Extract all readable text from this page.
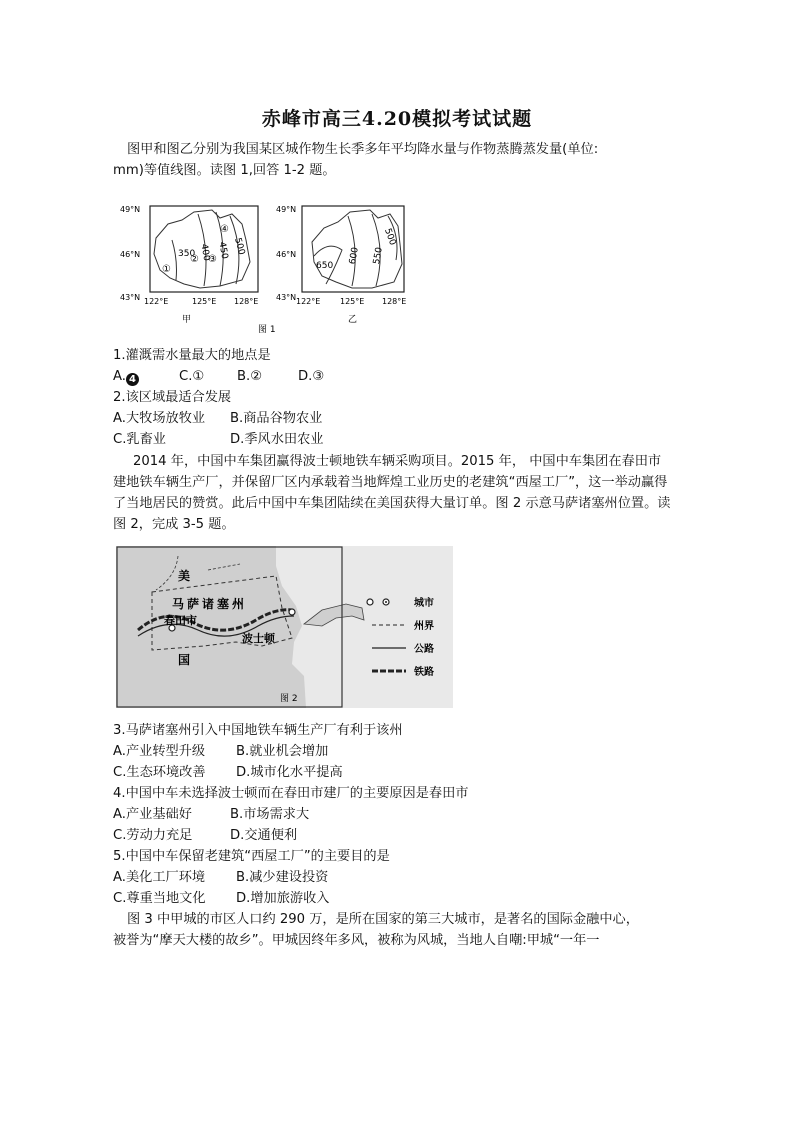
赤峰市高三4.20模拟考试试题
图甲和图乙分别为我国某区城作物生长季多年平均降水量与作物蒸腾蒸发量(单位:
mm)等值线图。读图 1,回答 1-2 题。
350 400 450 500
①
② ③
④
49°N
46°N
43°N 122°E	125°E 128°E
甲
650
600 550
500
49°N
46°N
43°N 122°E 125°E 128°E
乙
图 1
1.灌溉需水量最大的地点是
A. 4	C.① B.②	D.③
2.该区域最适合发展
A.大牧场放牧业 B.商品谷物农业
C.乳畜业	D.季风水田农业
2014 年，中国中车集团赢得波士顿地铁车辆采购项目。2015 年， 中国中车集团在春田市建地铁车辆生产厂，并保留厂区内承载着当地辉煌工业历史的老建筑“西屋工厂”，这一举动赢得了当地居民的赞赏。此后中国中车集团陆续在美国获得大量订单。图 2 示意马萨诸塞州位置。读图 2，完成 3-5 题。
美
马萨诸塞州
春田市
波士顿
国
城市
州界
公路
铁路
图 2
3.马萨诸塞州引入中国地铁车辆生产厂有利于该州
A.产业转型升级 B.就业机会增加
C.生态环境改善 D.城市化水平提高
4.中国中车未选择波士顿而在春田市建厂的主要原因是春田市
A.产业基础好	B.市场需求大
C.劳动力充足	D.交通便利
5.中国中车保留老建筑“西屋工厂”的主要目的是
A.美化工厂环境 B.减少建设投资
C.尊重当地文化 D.增加旅游收入
图 3 中甲城的市区人口约 290 万，是所在国家的第三大城市，是著名的国际金融中心，
被誉为“摩天大楼的故乡”。甲城因终年多风，被称为风城，当地人自嘲:甲城“一年一
